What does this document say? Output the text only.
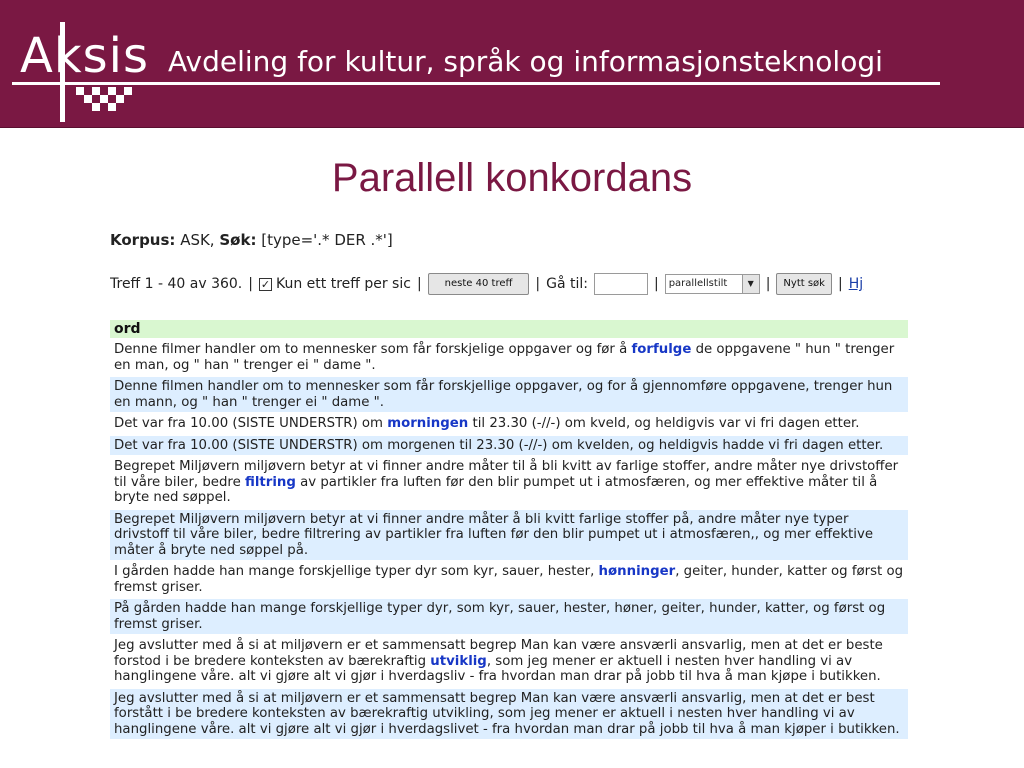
Aksis Avdeling for kultur, språk og informasjonsteknologi
Parallell konkordans
Korpus: ASK, Søk: [type='.* DER .*']
Treff 1 - 40 av 360. | ✓ Kun ett treff per sic |	neste 40 treff	| Gå til:	|	parallellstilt	▼ |	Nytt søk | Hj
ord
Denne filmer handler om to mennesker som får forskjelige oppgaver og før å forfulge de oppgavene " hun " trenger en man, og " han " trenger ei " dame ".
Denne filmen handler om to mennesker som får forskjellige oppgaver, og for å gjennomføre oppgavene, trenger hun en mann, og " han " trenger ei " dame ".
Det var fra 10.00 (SISTE UNDERSTR) om morningen til 23.30 (-//-) om kveld, og heldigvis var vi fri dagen etter.
Det var fra 10.00 (SISTE UNDERSTR) om morgenen til 23.30 (-//-) om kvelden, og heldigvis hadde vi fri dagen etter.
Begrepet Miljøvern miljøvern betyr at vi finner andre måter til å bli kvitt av farlige stoffer, andre måter nye drivstoffer til våre biler, bedre filtring av partikler fra luften før den blir pumpet ut i atmosfæren, og mer effektive måter til å bryte ned søppel.
Begrepet Miljøvern miljøvern betyr at vi finner andre måter å bli kvitt farlige stoffer på, andre måter nye typer drivstoff til våre biler, bedre filtrering av partikler fra luften før den blir pumpet ut i atmosfæren,, og mer effektive måter å bryte ned søppel på.
I gården hadde han mange forskjellige typer dyr som kyr, sauer, hester, hønninger, geiter, hunder, katter og først og fremst griser.
På gården hadde han mange forskjellige typer dyr, som kyr, sauer, hester, høner, geiter, hunder, katter, og først og fremst griser.
Jeg avslutter med å si at miljøvern er et sammensatt begrep Man kan være ansværli ansvarlig, men at det er beste forstod i be bredere konteksten av bærekraftig utviklig, som jeg mener er aktuell i nesten hver handling vi av hanglingene våre. alt vi gjøre alt vi gjør i hverdagsliv - fra hvordan man drar på jobb til hva å man kjøpe i butikken.
Jeg avslutter med å si at miljøvern er et sammensatt begrep Man kan være ansværli ansvarlig, men at det er best forstått i be bredere konteksten av bærekraftig utvikling, som jeg mener er aktuell i nesten hver handling vi av hanglingene våre. alt vi gjøre alt vi gjør i hverdagslivet - fra hvordan man drar på jobb til hva å man kjøper i butikken.
